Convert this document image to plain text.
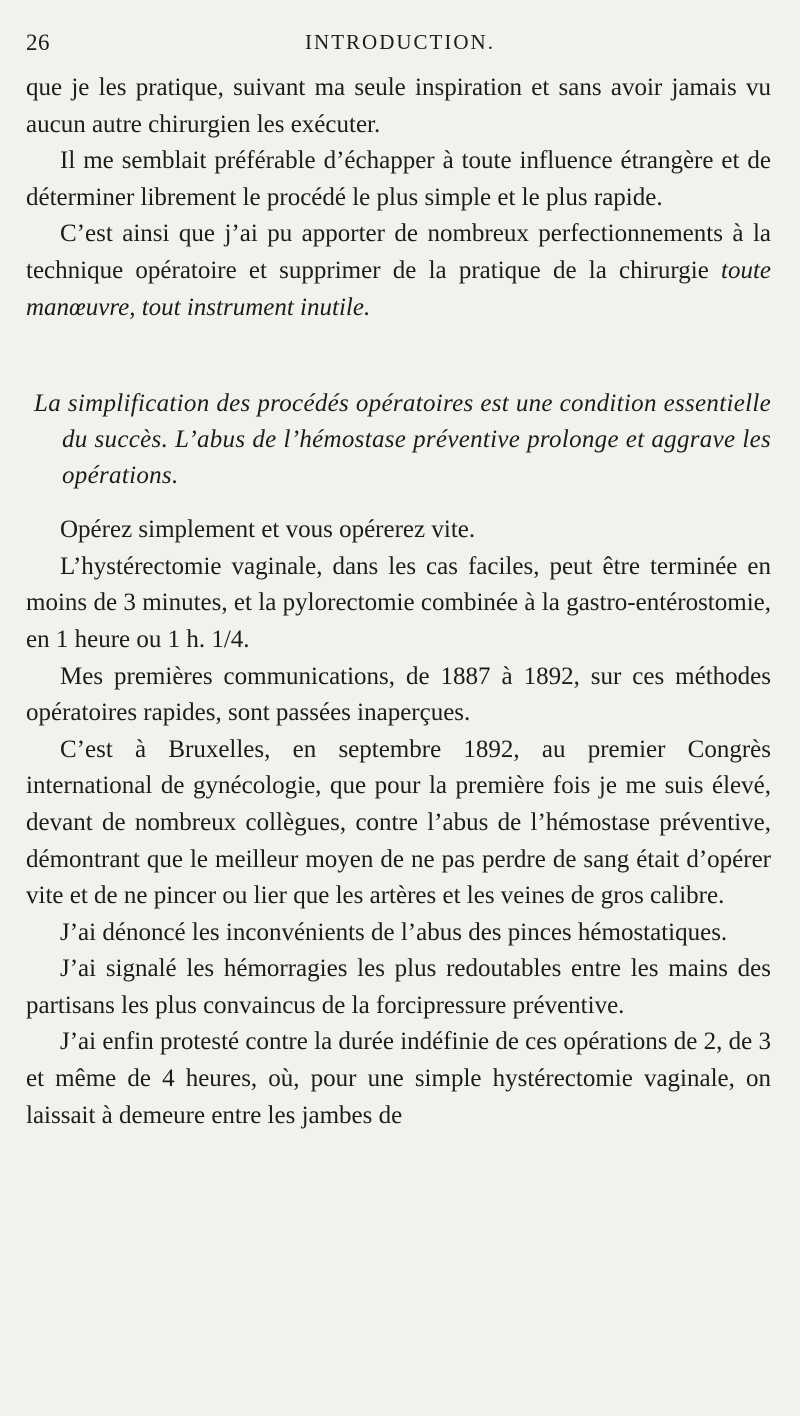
26	INTRODUCTION.

que je les pratique, suivant ma seule inspiration et sans avoir jamais vu aucun autre chirurgien les exécuter.

Il me semblait préférable d’échapper à toute influence étrangère et de déterminer librement le procédé le plus simple et le plus rapide.

C’est ainsi que j’ai pu apporter de nombreux perfectionnements à la technique opératoire et supprimer de la pratique de la chirurgie toute manœuvre, tout instrument inutile.

La simplification des procédés opératoires est une condition essentielle du succès. L’abus de l’hémostase préventive prolonge et aggrave les opérations.

Opérez simplement et vous opérerez vite.

L’hystérectomie vaginale, dans les cas faciles, peut être terminée en moins de 3 minutes, et la pylorectomie combinée à la gastro-entérostomie, en 1 heure ou 1 h. 1/4.

Mes premières communications, de 1887 à 1892, sur ces méthodes opératoires rapides, sont passées inaperçues.

C’est à Bruxelles, en septembre 1892, au premier Congrès international de gynécologie, que pour la première fois je me suis élevé, devant de nombreux collègues, contre l’abus de l’hémostase préventive, démontrant que le meilleur moyen de ne pas perdre de sang était d’opérer vite et de ne pincer ou lier que les artères et les veines de gros calibre.

J’ai dénoncé les inconvénients de l’abus des pinces hémostatiques.

J’ai signalé les hémorragies les plus redoutables entre les mains des partisans les plus convaincus de la forcipressure préventive.

J’ai enfin protesté contre la durée indéfinie de ces opérations de 2, de 3 et même de 4 heures, où, pour une simple hystérectomie vaginale, on laissait à demeure entre les jambes de
